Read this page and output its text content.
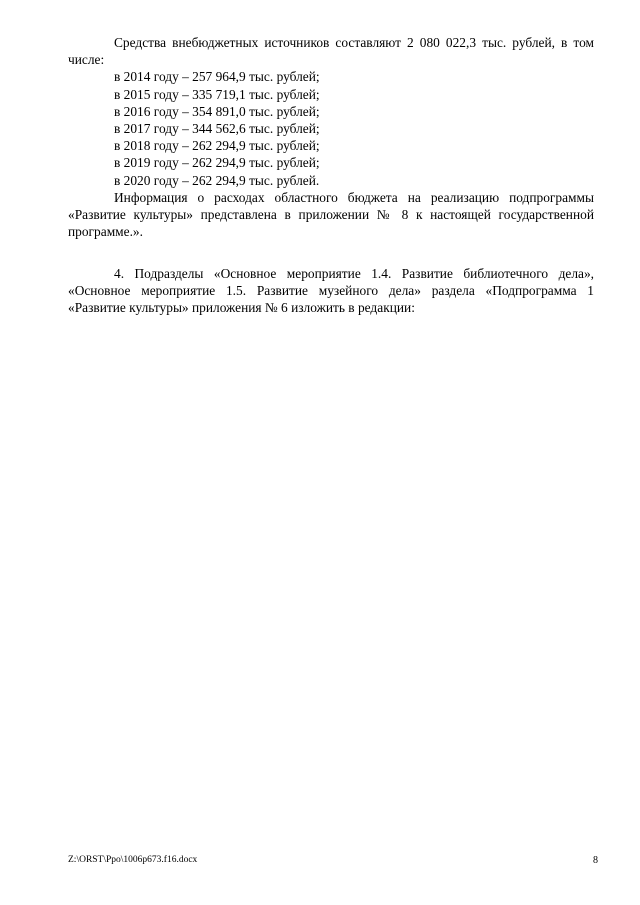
Средства внебюджетных источников составляют 2 080 022,3 тыс. рублей, в том числе:

в 2014 году – 257 964,9 тыс. рублей;
в 2015 году – 335 719,1 тыс. рублей;
в 2016 году – 354 891,0 тыс. рублей;
в 2017 году – 344 562,6 тыс. рублей;
в 2018 году – 262 294,9 тыс. рублей;
в 2019 году – 262 294,9 тыс. рублей;
в 2020 году – 262 294,9 тыс. рублей.

Информация о расходах областного бюджета на реализацию подпрограммы «Развитие культуры» представлена в приложении № 8 к настоящей государственной программе.».

4. Подразделы «Основное мероприятие 1.4. Развитие библиотечного дела», «Основное мероприятие 1.5. Развитие музейного дела» раздела «Подпрограмма 1 «Развитие культуры» приложения № 6 изложить в редакции:

Z:\ORST\Ppo\1006p673.f16.docx	8
